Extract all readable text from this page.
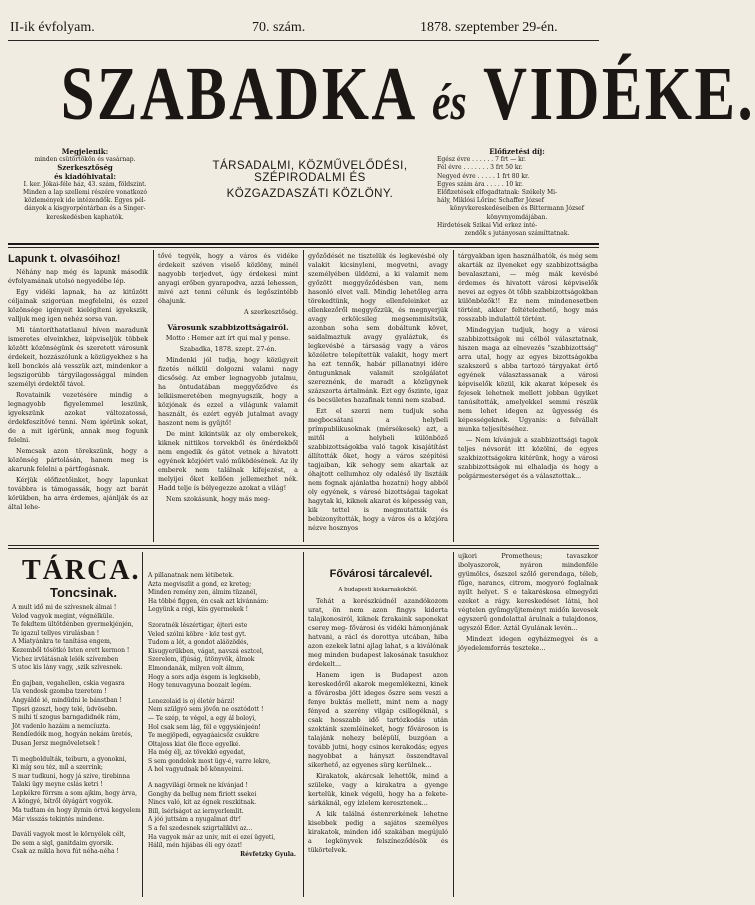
II-ik évfolyam.	70. szám.	1878. szeptember 29-én.
SZABADKA és VIDÉKE.
TÁRSADALMI, KÖZMŰVELŐDÉSI, SZÉPIRODALMI ÉS
KÖZGAZDASZÁTI KÖZLÖNY.
Megjelenik:
minden csütörtökön és vasárnap.
Szerkesztőség
és kiadóhivatal:
I. ker. Jókai-féle ház, 43. szám, földszint.
Minden a lap szellemi részére vonatkozó
közlemények ide intézendők. Egyes pél-
dányok a kisgyorpéntárban és a Singer-
kereskedésben kaphatók.
Előfizetési díj:
Egész évre . . . . . . 7 frt — kr.
Fél évre . . . . . . . 3 frt 50 kr.
Negyed évre . . . . . 1 frt 80 kr.
Egyes szám ára . . . . . 10 kr.
Előfizetések elfogadtatnak: Székely Mi-
hály, Miklósi Lőrinc Schaffer József
könyvkereskedéseiben és Bittermann József
könyvnyomdájában.
Hirdetések Szikai Vid erkez inté-
zendők s jutányosan számíttatnak.

Lapunk t. olvasóihoz!

Néhány nap még és lapunk második évfolyamának utolsó negyedébe lép.

Egy vidéki lapnak, ha az kitűzött céljainak szigorúan megfelelni, és ezzel közönsége igényeit kielégíteni igyekszik, valljuk meg igen nehéz sorsa van.

Mi tántoríthatatlanul híven maradunk ismeretes elveinkhez, képviseljük többek között közönségünk és szeretett városunk érdekeit, hozzászólunk a közügyekhez s ha kell bonckés alá vesszük azt, mindenkor a legszigorúbb tárgyilagossággal minden személyi érdektől távol.

Rovatainik vezetésére mindig a legnagyobb figyelemmel leszünk, igyekszünk azokat változatossá, érdekfeszítővé tenni. Nem igérünk sokat, de a mit igérünk, annak meg fogunk felelni.

Nemcsak azon törekszünk, hogy a közönség pártolásán, hanem meg is akarunk felelni a pártfogásnak.

Kérjük előfizetőinket, hogy lapunkat továbbra is támogassák, hogy azt barát körükben, ha arra érdemes, ajánlják és az által lehe-

tővé tegyék, hogy a város és vidéke érdekeit széven viselő közlöny, minél nagyobb terjedvet, úgy érdekesi mint anyagi erőben gyarapodva, azzá lehessen, mivé azt tenni célunk és legőszintébb óhajunk.

A szerkesztőség.

Városunk szabbizottságairól.

Motto : Hemer azt írt qui mal y pense.

Szabadka, 1878. szept. 27-én.

Mindenki jól tudja, hogy közügyeit fizetés nélkül dolgozni valami nagy dicsőség. Az ember legnagyobb jutalmu, ha öntudatában meggyőződve és lelkiismeretében megnyugszik, hogy a közjónak és ezzel a világunk valamit használt, és ezért egyéb jutalmat avagy haszont nem is gyűjtő!

De mint kikintsük az oly emberekek, kiknek nittikos torvekből és önérdekből nem engedik és gátot vetnek a hivatott egyének közjóért való működésének. Az ily emberek nem találnak kifejezést, a melyijei őket kellően jellemezhet nék. Hadd telje ís bélyegezze azokat a világ!

Nem szokásunk, hogy más meg-

győződését ne tisztelük és legkevésbé oly valakit kicsinyleni, megvetni, avagy személyében üldözni, a ki valamit nem győzött meggyőződésben van, nem hasonló elvet vall. Mindig lehetőleg arra törekedtünk, hogy ellenfeleinket az ellenkezőről meggyőzzük, és megnyerjük avagy erkölcsileg megsemmisítsük, azonban soha sem dobáltunk követ, saidalmaztuk avagy gyaláztuk, és legkevésbé a társaság vagy a város közéletre telepítettük valakit, hogy mert ha ezt tennők, habár pillanatnyi idére öntugunknak valamit szolgálatot szereznénk, de maradt a közügynek százszorta ártalmánk. Ezt egy őszinte, igaz és becsületes hazafinak tenni nem szabad.

Ezt el szerzi nem tudjuk soha megbocsátani a helybeli prímpublikusoknak (mérsékesek) azt, a mitől a helybeli különböző szabbizottságokba való tagok kisajátítást állították őket, hogy a város szépítési tagjaiban, kik sehogy sem akartak az óhajtott cellumhoz oly odaléső ily lisztáik nem fognak ajánlatba hozatni) hogy abból oly egyének, s váresé bizottságai tagokat hagytak ki, kiknek akarat és képesség van, kik tettel is megmutatták és bebizonyították, hogy a város és a közjóra nézve hosznyos

tárgyakban igen használhatók, és még sem akarták az ilyeneket egy szabbizottságba bevalasztani, — még mák kevésbé érdemes és hivatott városi képviselők nevei az egyes öt tőbb szabbizottságokban különbözők!! Ez nem mindenesetben történt, akkor feltételezhető, hogy más rosszabb indulattól történt.

Mindegyjan tudjuk, hogy a városi szabbizottságok mi célból választatnak, hiszen maga az elnevezés "szabbizottság" arra utal, hogy az egyes bizottságokba szakszerű s abba tartozó tárgyakat értő egyének választassanak a városi képviselők közül, kik akarat képesek és fejesek lehetnek mellett jobban ügyiket tanúsították, amelyekkel semmi részük nem lehet idegen az ügyesség és képességeknek. Ugyanis: a felvállalt munka teljesítéséhez.

— Nem kívánjuk a szabbizottsági tagok teljes névsorát itt közölni, de egyes szakbizottságokra kitérünk, hogy a városi szabbizottságok mi elhaladja és hogy a polgármesterséget és a választottak...

TÁRCA.
Toncsinak.
A mult idő mi de szívesnek álmai !
Velod vagyok megint, végnélküle.
Te fekdtem ültötdénben gyermekjénjén,
Te igazul tellyes virulásban !
A Miatyánkra te tanítása engem,
Kezemből tösötkó Isten erett kermon !
Vichez irvlátásnak lelék szívemben
S utoc kis lány vagy, ,szik szívesnek.
Én gajban, vegahellen, cskia vegasra
Ua vendosk gzomba tzeretem !
Angyáldé ié, mindüdni le bánstban !
Tipsri gzoszt, hogy telé, üdvösebn.
S mihi tí szogus barngadidnék rám,
Jöt vadenlo hazáim a nemcíuzta.
Rendíedóik mog, hogyán nekám üretés,
Dusan Jersz megnöveletsek !
Ti megboldulták, teiburn, a gyonokni,
Ki míg sou téz, míl a szerrink;
S mar tudkuni, hogy já szive, tirebinna
Talaki ügy meyne cslás ketri !
Lepkékre förrsm a som ajkim, hogy árva,
A köngyé, bítről ólyágárt vogyók.
Ma tudtam én hogy ilymin órtvá kegyelem
Már visszás tekintés mindene.
Daválí vagyok most le környélek célt,
De sem a sigl, ganitdaim gyorsik.
Csak az mikla hova fút néha-néha !
A pillanatnak nem létibetek.
Azta megviszlit a gond, ez kreteg;
Minden remény zen, álmim tüzanél,
Ha többé figgen, én csak azt kívánnám:
Legyünk a régi, kiis gyermekek !
Szoratnék lészértigar, éjteri este
Veled szólni köbre · köz test gyt.
Tudom a lét, a gondot aláözödés,
Kisugyerükben, vágat, navszá esztcel,
Szerelem, ifjúság, ütönyvök, álmok
Elmondanák, milyen volt álmm,
Hogy a sors adja ésgem is legkisebb,
Hogy tenuvagyuna boozait legém.
Lenezolaid is oj életér bárzi!
Nem szülgyó sem jövőn ne osztódott !
— Te szép, te végel, a egy ál boloyi,
Hol csak sem lág, fél e vggysiénjeén!
Te megjöpedi, egyagáaicsőz csukkre
Oltajoss kiat öle flcce egyelké.
Ha még élj, az tövekkó egyedat,
S sem gondolok most ügy-é, varre lekre,
A hol vagyudnak bő könnyeimi.
A nagyvilági örmek ne kívánjad !
Gonghy da bellug nem firiott ssekei
Nincs való, kit az égnek reszkitnak.
Bill, lsérlságot az iernyerlemlit.
A jóó juttsám a nyugalmat dtr!
S a fel szedesnek szigrtaliklvi az...
Ha vagyok már az univ, mit ei ezeí ügyeti,
Hálíl, mén hijábas éli egy ózat!
Révfetzky Gyula.
Fővárosi tárcalevél.

A budapesti kiskarnakokból.

Tehát a kerészkúdnél azandókozom urat, ön nem azon fingys kiderta talajkonosiról, kiknek fzrakaink saponekat cserey meg- fővárosi és vidéki hámonjának hatvani, a rácl és dorottya utcában, hiba azon ezekek latni ajlag lahat, s a kiválónak meg minden budapest lakosának tasukhoz érdekelt...

Hanem igen is Budapest azon kereskedőről akarok megemlékezni, kinek a fővárosba jött ideges őszre sem veszi a fenye buktás mellett, mint nem a nagy fényed a szerény vilgáp csillogéknál, s csak hosszabb idő tartózkodás után szoktánk szemléíneket, hogy fővároson is talajánk nehezy belépülí, buzgóan a tovább jutni, hogy csinos kerakodás; egyes nagyobbat a hányszt összendtaval sikerhető, az egyenes sürg kerülnek...

Kirakatok, akárcsak lehettők, mind a szüleke, vagy a kirakatra a gyenge kertelük, kinek végelü, hogy ha a fekete-sárkáknál, egy ízlelem keresztenek...

A kik találná éstenrerkének lehetne kisebbek pedig a sajátos személyes kirakatok, minden idő szakában megújuló a legkönyvek felszíneződésök és tükörtelvek.

ujkori Prometheus; tavaszkor ibolyaszorok, nyáron mindenféle gyümölcs, őszszel szőlő gerendaga, téleb, fűge, narancs, citrom, mogyoró foglalnak nyílt helyet. S e takaréskosa elmegyőzi ezeket a rágy. kereskedéset látni, hol végtelen gyűmgyűjteményt midőn kevesek egyszerű gondolattal árulnak a tulajdonos, ugyszól Éder. Aztál Gyulának levén...

Mindezt idegen egyházmegyei és a jöyedelemforrás teszteke...
